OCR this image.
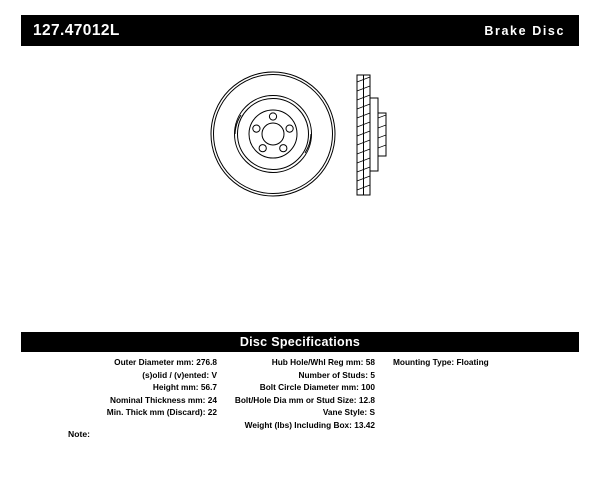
127.47012L	Brake Disc
Disc Specifications
Outer Diameter mm: 276.8
(s)olid / (v)ented: V
Height mm: 56.7
Nominal Thickness mm: 24
Min. Thick mm (Discard): 22
Hub Hole/Whl Reg mm: 58
Number of Studs: 5
Bolt Circle Diameter mm: 100
Bolt/Hole Dia mm or Stud Size: 12.8
Vane Style: S
Weight (lbs) Including Box: 13.42
Mounting Type: Floating
Note:
